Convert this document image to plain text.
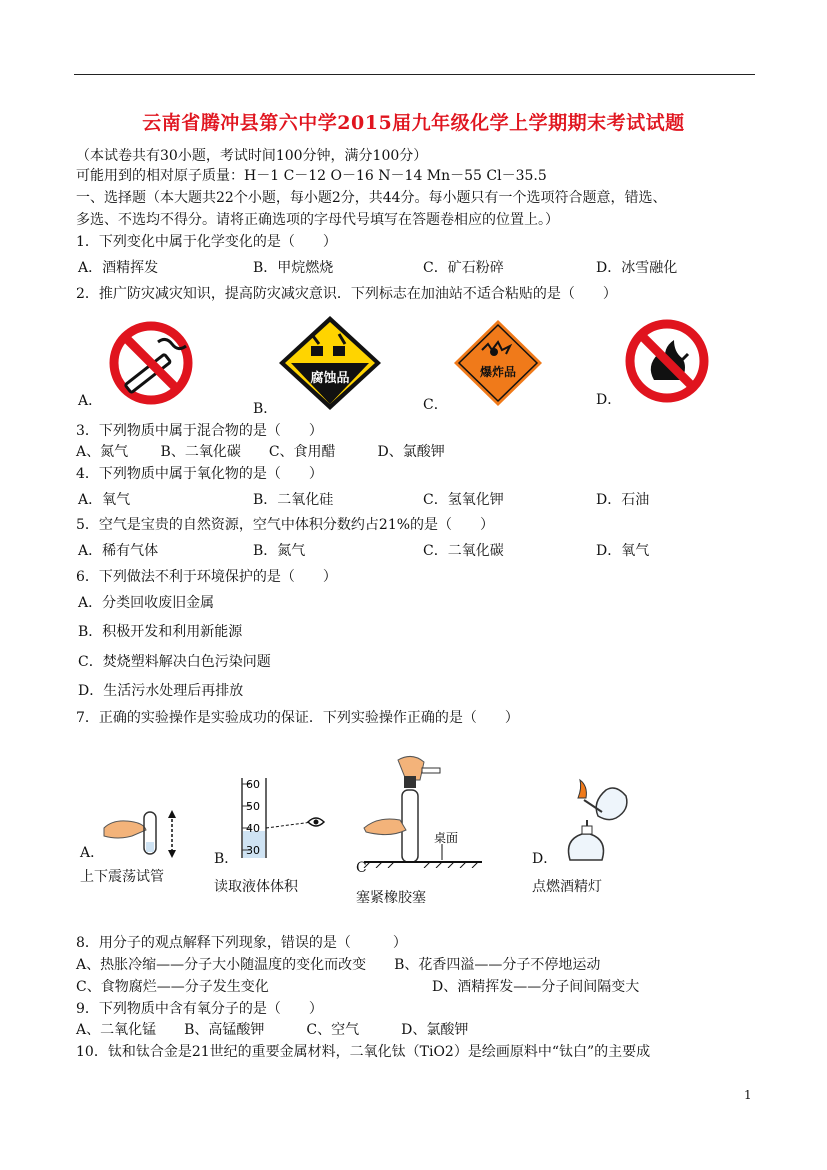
云南省腾冲县第六中学2015届九年级化学上学期期末考试试题
（本试卷共有30小题，考试时间100分钟，满分100分）
可能用到的相对原子质量：H－1 C－12 O－16 N－14 Mn－55 Cl－35.5
一、选择题（本大题共22个小题，每小题2分，共44分。每小题只有一个选项符合题意，错选、
多选、不选均不得分。请将正确选项的字母代号填写在答题卷相应的位置上。）
1．下列变化中属于化学变化的是（　　）
A．酒精挥发	B．甲烷燃烧	C．矿石粉碎	D．冰雪融化
2．推广防灾减灾知识，提高防灾减灾意识．下列标志在加油站不适合粘贴的是（　　）
腐蚀品	爆炸品
A．	B．	C．	D．
3．下列物质中属于混合物的是（　　）
A、氮气　　 B、二氧化碳　　C、食用醋　　　D、氯酸钾
4．下列物质中属于氧化物的是（　　）
A．氧气	B．二氧化硅	C．氢氧化钾	D．石油
5．空气是宝贵的自然资源，空气中体积分数约占21%的是（　　）
A．稀有气体	B．氮气	C．二氧化碳	D．氧气
6．下列做法不利于环境保护的是（　　）
A．分类回收废旧金属
B．积极开发和利用新能源
C．焚烧塑料解决白色污染问题
D．生活污水处理后再排放
7．正确的实验操作是实验成功的保证．下列实验操作正确的是（　　）
A．
上下震荡试管
60
50
40
30
B．
读取液体体积
桌面
C
塞紧橡胶塞
D．
点燃酒精灯
8．用分子的观点解释下列现象，错误的是（　　　）
A、热胀冷缩——分子大小随温度的变化而改变　　B、花香四溢——分子不停地运动
C、食物腐烂——分子发生变化	D、酒精挥发——分子间间隔变大
9．下列物质中含有氧分子的是（　　）
A、二氧化锰　　B、高锰酸钾　　　C、空气　　　D、氯酸钾
10．钛和钛合金是21世纪的重要金属材料，二氧化钛（TiO2）是绘画原料中“钛白”的主要成
1
